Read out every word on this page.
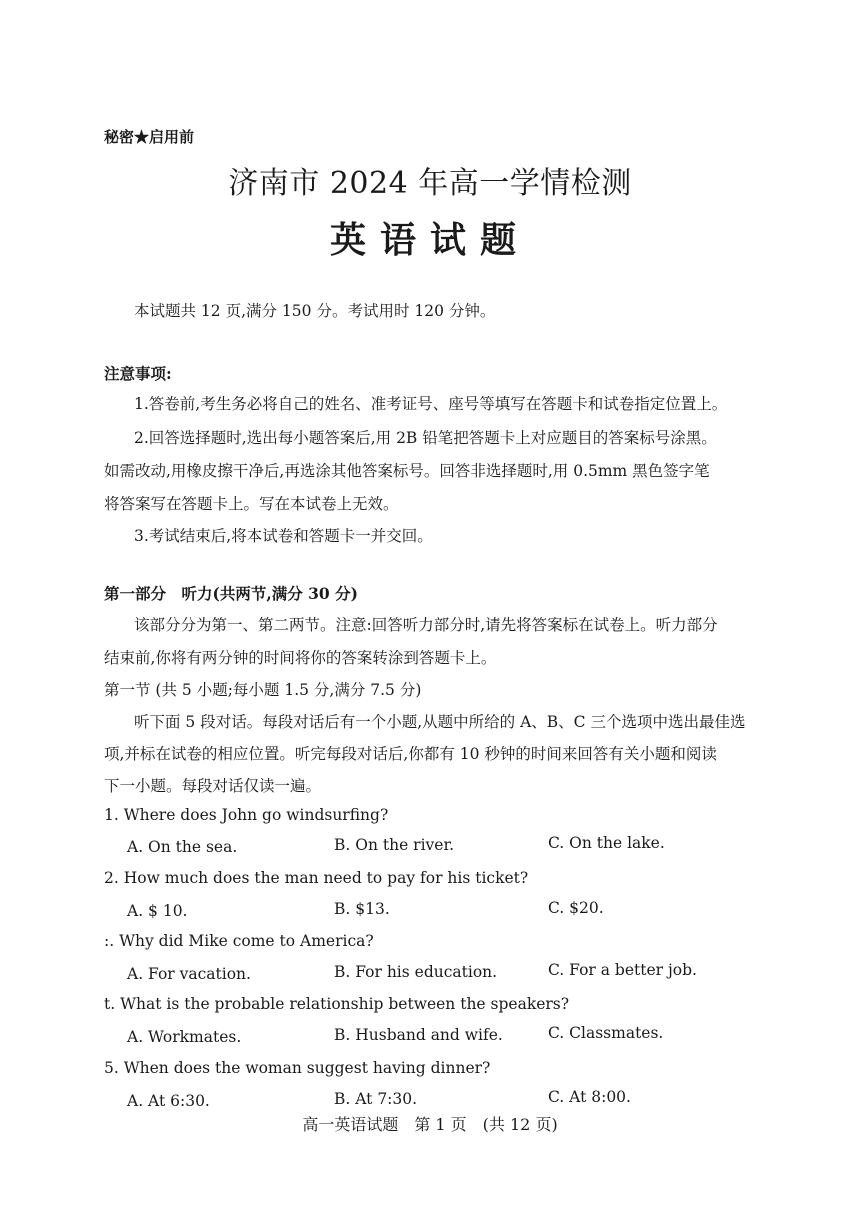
秘密★启用前
济南市 2024 年高一学情检测
英语试题
本试题共 12 页,满分 150 分。考试用时 120 分钟。
注意事项:
1.答卷前,考生务必将自己的姓名、准考证号、座号等填写在答题卡和试卷指定位置上。
2.回答选择题时,选出每小题答案后,用 2B 铅笔把答题卡上对应题目的答案标号涂黑。
如需改动,用橡皮擦干净后,再选涂其他答案标号。回答非选择题时,用 0.5mm 黑色签字笔
将答案写在答题卡上。写在本试卷上无效。
3.考试结束后,将本试卷和答题卡一并交回。
第一部分　听力(共两节,满分 30 分)
该部分分为第一、第二两节。注意:回答听力部分时,请先将答案标在试卷上。听力部分
结束前,你将有两分钟的时间将你的答案转涂到答题卡上。
第一节 (共 5 小题;每小题 1.5 分,满分 7.5 分)
听下面 5 段对话。每段对话后有一个小题,从题中所给的 A、B、C 三个选项中选出最佳选
项,并标在试卷的相应位置。听完每段对话后,你都有 10 秒钟的时间来回答有关小题和阅读
下一小题。每段对话仅读一遍。
1. Where does John go windsurfing?
A. On the sea.	B. On the river.	C. On the lake.
2. How much does the man need to pay for his ticket?
A. $ 10.	B. $13.	C. $20.
:. Why did Mike come to America?
A. For vacation.	B. For his education.	C. For a better job.
t. What is the probable relationship between the speakers?
A. Workmates.	B. Husband and wife.	C. Classmates.
5. When does the woman suggest having dinner?
A. At 6:30.	B. At 7:30.	C. At 8:00.
高一英语试题　第 1 页　(共 12 页)
